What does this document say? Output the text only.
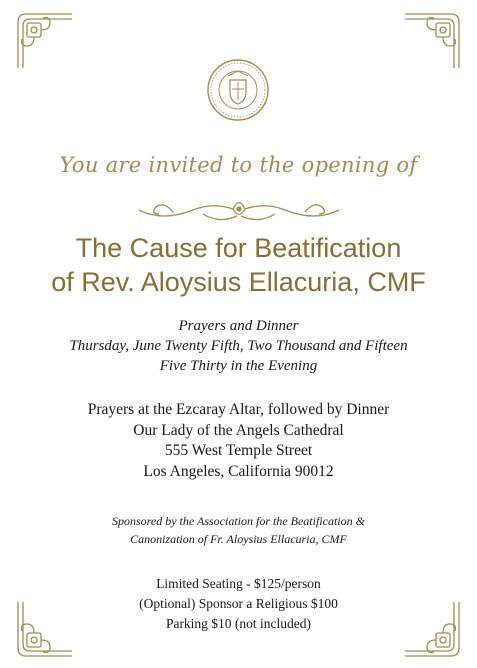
You are invited to the opening of
The Cause for Beatification
of Rev. Aloysius Ellacuria, CMF
Prayers and Dinner
Thursday, June Twenty Fifth, Two Thousand and Fifteen
Five Thirty in the Evening
Prayers at the Ezcaray Altar, followed by Dinner
Our Lady of the Angels Cathedral
555 West Temple Street
Los Angeles, California 90012
Sponsored by the Association for the Beatification &
Canonization of Fr. Aloysius Ellacuria, CMF
Limited Seating - $125/person
(Optional) Sponsor a Religious $100
Parking $10 (not included)
